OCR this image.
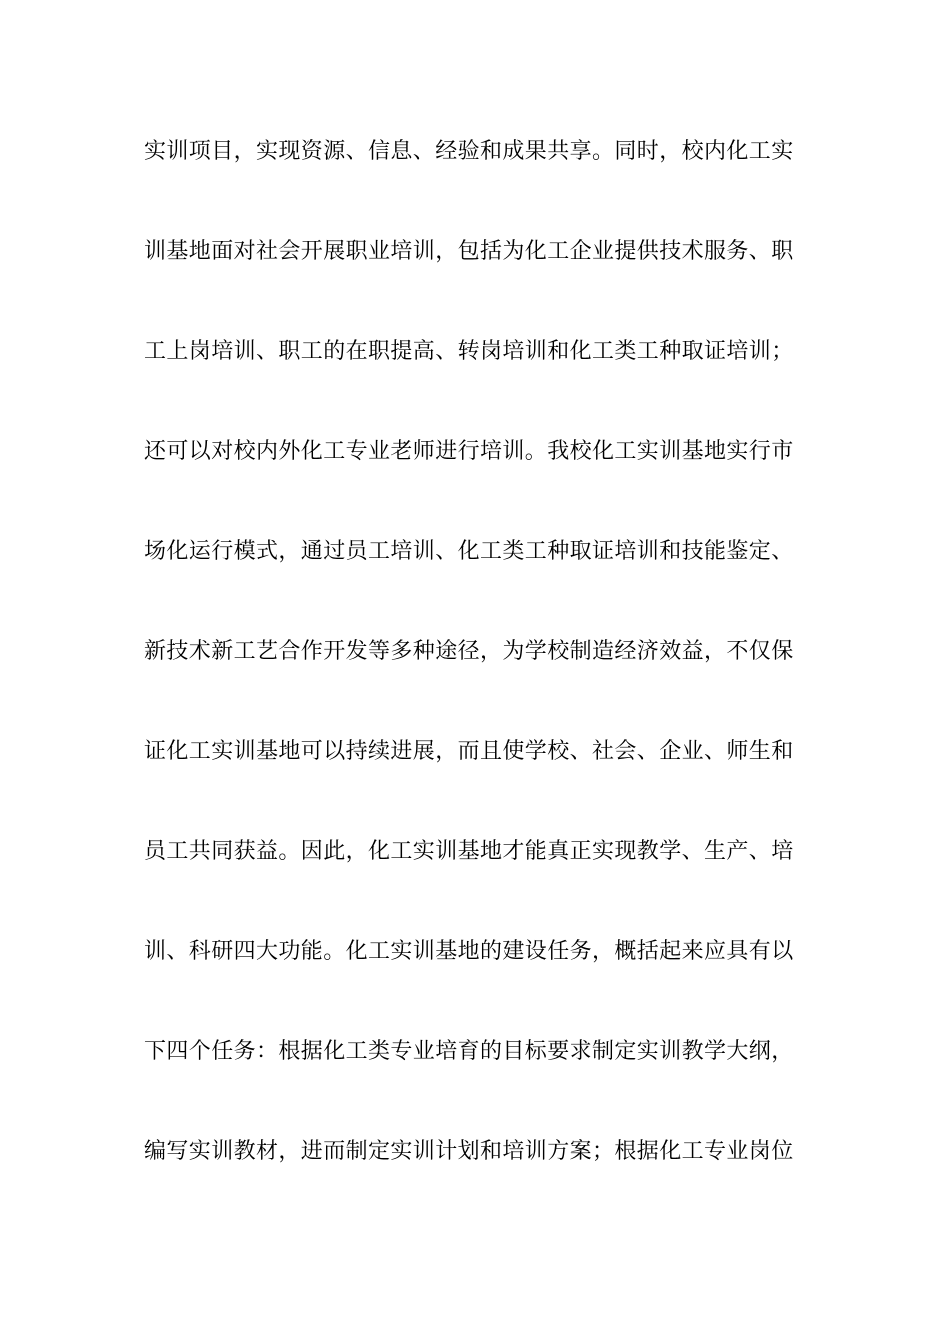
实训项目，实现资源、信息、经验和成果共享。同时，校内化工实
训基地面对社会开展职业培训，包括为化工企业提供技术服务、职
工上岗培训、职工的在职提高、转岗培训和化工类工种取证培训；
还可以对校内外化工专业老师进行培训。我校化工实训基地实行市
场化运行模式，通过员工培训、化工类工种取证培训和技能鉴定、
新技术新工艺合作开发等多种途径，为学校制造经济效益，不仅保
证化工实训基地可以持续进展，而且使学校、社会、企业、师生和
员工共同获益。因此，化工实训基地才能真正实现教学、生产、培
训、科研四大功能。化工实训基地的建设任务，概括起来应具有以
下四个任务：根据化工类专业培育的目标要求制定实训教学大纲，
编写实训教材，进而制定实训计划和培训方案；根据化工专业岗位
